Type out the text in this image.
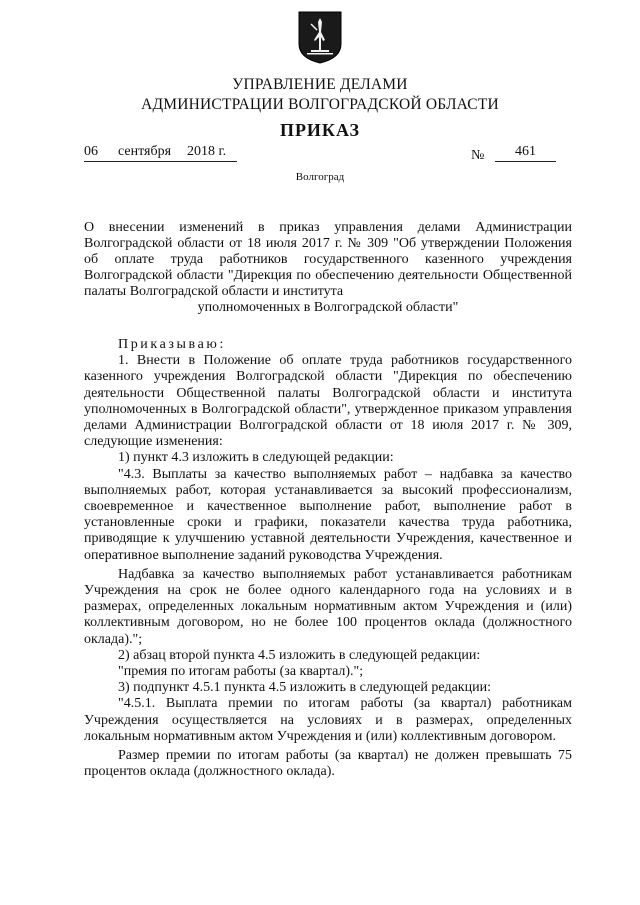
УПРАВЛЕНИЕ ДЕЛАМИ
АДМИНИСТРАЦИИ ВОЛГОГРАДСКОЙ ОБЛАСТИ
ПРИКАЗ
06 сентября 2018 г.	№ 461
Волгоград
О внесении изменений в приказ управления делами Администрации Волгоградской области от 18 июля 2017 г. № 309 "Об утверждении Положения об оплате труда работников государственного казенного учреждения Волгоградской области "Дирекция по обеспечению деятельности Общественной палаты Волгоградской области и института
уполномоченных в Волгоградской области"

Приказываю:

1. Внести в Положение об оплате труда работников государственного казенного учреждения Волгоградской области "Дирекция по обеспечению деятельности Общественной палаты Волгоградской области и института уполномоченных в Волгоградской области", утвержденное приказом управления делами Администрации Волгоградской области от 18 июля 2017 г. № 309, следующие изменения:

1) пункт 4.3 изложить в следующей редакции:

"4.3. Выплаты за качество выполняемых работ – надбавка за качество выполняемых работ, которая устанавливается за высокий профессионализм, своевременное и качественное выполнение работ, выполнение работ в установленные сроки и графики, показатели качества труда работника, приводящие к улучшению уставной деятельности Учреждения, качественное и оперативное выполнение заданий руководства Учреждения.

Надбавка за качество выполняемых работ устанавливается работникам Учреждения на срок не более одного календарного года на условиях и в размерах, определенных локальным нормативным актом Учреждения и (или) коллективным договором, но не более 100 процентов оклада (должностного оклада).";

2) абзац второй пункта 4.5 изложить в следующей редакции:

"премия по итогам работы (за квартал).";

3) подпункт 4.5.1 пункта 4.5 изложить в следующей редакции:

"4.5.1. Выплата премии по итогам работы (за квартал) работникам Учреждения осуществляется на условиях и в размерах, определенных локальным нормативным актом Учреждения и (или) коллективным договором.

Размер премии по итогам работы (за квартал) не должен превышать 75 процентов оклада (должностного оклада).
